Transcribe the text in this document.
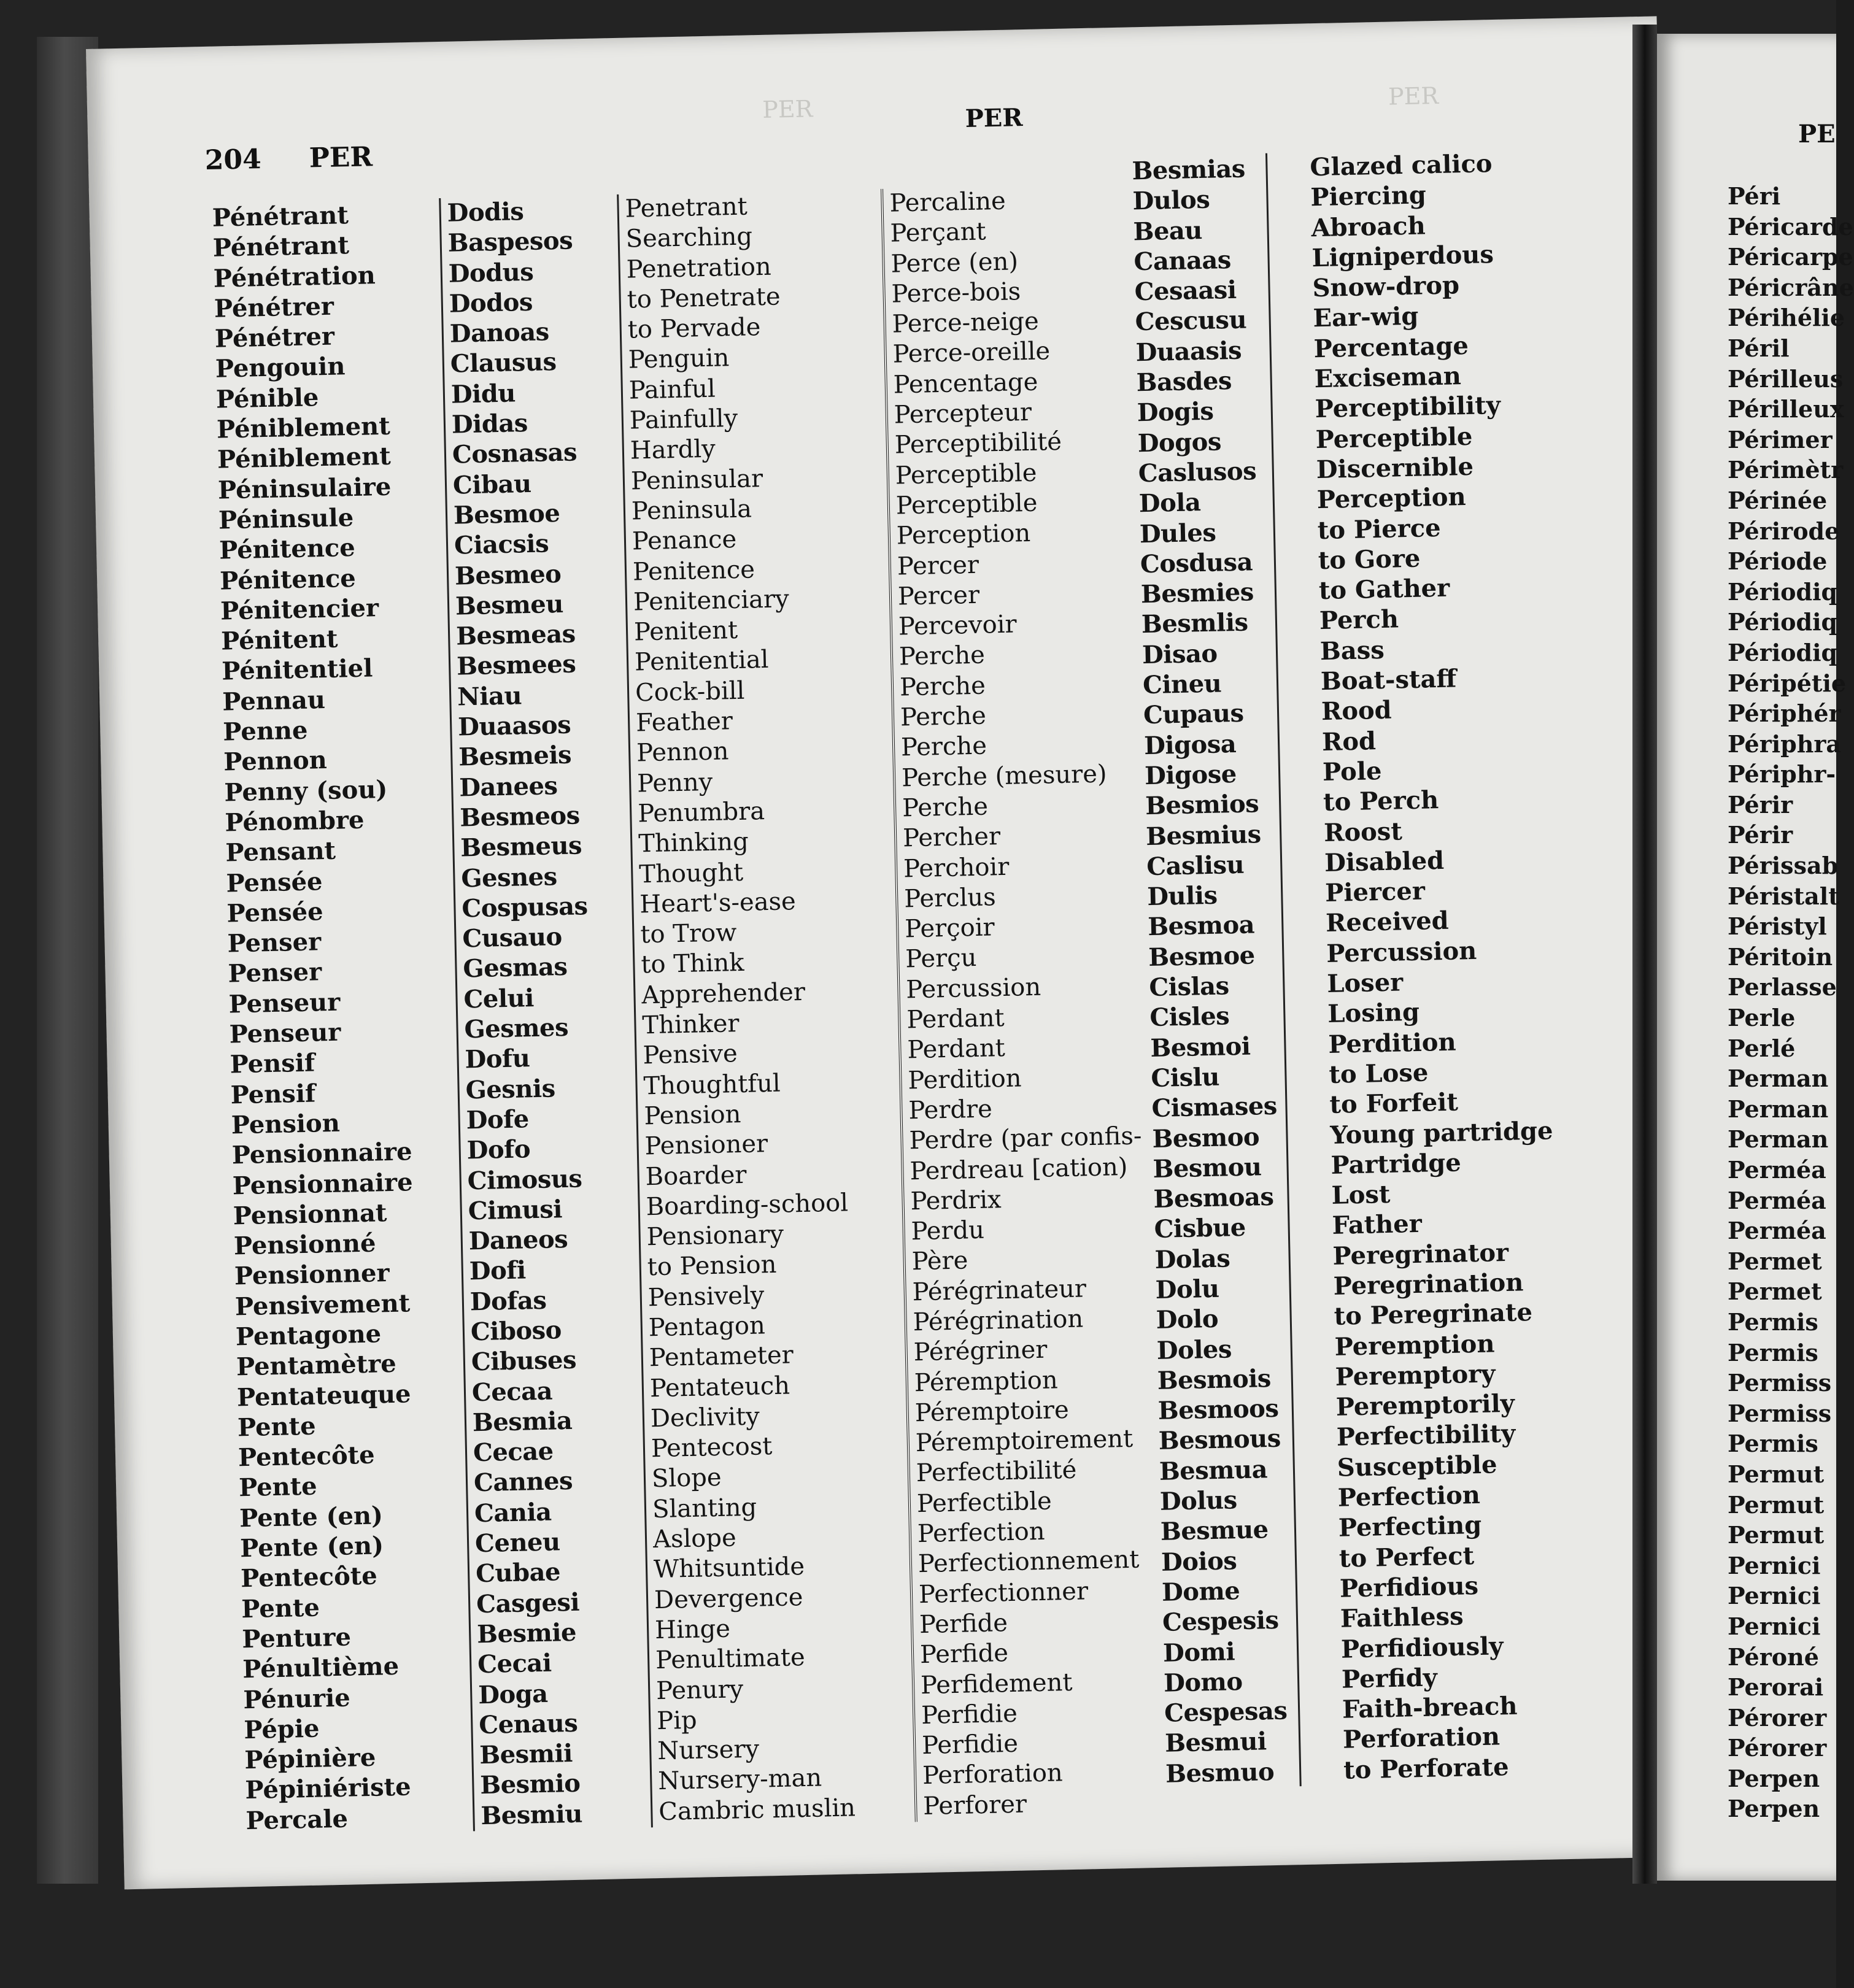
204 PER
PER
PER	PER
Pénétrant
Pénétrant
Pénétration
Pénétrer
Pénétrer
Pengouin
Pénible
Péniblement
Péniblement
Péninsulaire
Péninsule
Pénitence
Pénitence
Pénitencier
Pénitent
Pénitentiel
Pennau
Penne
Pennon
Penny (sou)
Pénombre
Pensant
Pensée
Pensée
Penser
Penser
Penseur
Penseur
Pensif
Pensif
Pension
Pensionnaire
Pensionnaire
Pensionnat
Pensionné
Pensionner
Pensivement
Pentagone
Pentamètre
Pentateuque
Pente
Pentecôte
Pente
Pente (en)
Pente (en)
Pentecôte
Pente
Penture
Pénultième
Pénurie
Pépie
Pépinière
Pépiniériste
Percale
Dodis
Baspesos
Dodus
Dodos
Danoas
Clausus
Didu
Didas
Cosnasas
Cibau
Besmoe
Ciacsis
Besmeo
Besmeu
Besmeas
Besmees
Niau
Duaasos
Besmeis
Danees
Besmeos
Besmeus
Gesnes
Cospusas
Cusauo
Gesmas
Celui
Gesmes
Dofu
Gesnis
Dofe
Dofo
Cimosus
Cimusi
Daneos
Dofi
Dofas
Ciboso
Cibuses
Cecaa
Besmia
Cecae
Cannes
Cania
Ceneu
Cubae
Casgesi
Besmie
Cecai
Doga
Cenaus
Besmii
Besmio
Besmiu
Penetrant
Searching
Penetration
to Penetrate
to Pervade
Penguin
Painful
Painfully
Hardly
Peninsular
Peninsula
Penance
Penitence
Penitenciary
Penitent
Penitential
Cock-bill
Feather
Pennon
Penny
Penumbra
Thinking
Thought
Heart's-ease
to Trow
to Think
Apprehender
Thinker
Pensive
Thoughtful
Pension
Pensioner
Boarder
Boarding-school
Pensionary
to Pension
Pensively
Pentagon
Pentameter
Pentateuch
Declivity
Pentecost
Slope
Slanting
Aslope
Whitsuntide
Devergence
Hinge
Penultimate
Penury
Pip
Nursery
Nursery-man
Cambric muslin
Percaline
Perçant
Perce (en)
Perce-bois
Perce-neige
Perce-oreille
Pencentage
Percepteur
Perceptibilité
Perceptible
Perceptible
Perception
Percer
Percer
Percevoir
Perche
Perche
Perche
Perche
Perche (mesure)
Perche
Percher
Perchoir
Perclus
Perçoir
Perçu
Percussion
Perdant
Perdant
Perdition
Perdre
Perdre (par confis-
Perdreau [cation)
Perdrix
Perdu
Père
Pérégrinateur
Pérégrination
Pérégriner
Péremption
Péremptoire
Péremptoirement
Perfectibilité
Perfectible
Perfection
Perfectionnement
Perfectionner
Perfide
Perfide
Perfidement
Perfidie
Perfidie
Perforation
Perforer
Besmias
Dulos
Beau
Canaas
Cesaasi
Cescusu
Duaasis
Basdes
Dogis
Dogos
Caslusos
Dola
Dules
Cosdusa
Besmies
Besmlis
Disao
Cineu
Cupaus
Digosa
Digose
Besmios
Besmius
Caslisu
Dulis
Besmoa
Besmoe
Cislas
Cisles
Besmoi
Cislu
Cismases
Besmoo
Besmou
Besmoas
Cisbue
Dolas
Dolu
Dolo
Doles
Besmois
Besmoos
Besmous
Besmua
Dolus
Besmue
Doios
Dome
Cespesis
Domi
Domo
Cespesas
Besmui
Besmuo
Glazed calico
Piercing
Abroach
Ligniperdous
Snow-drop
Ear-wig
Percentage
Exciseman
Perceptibility
Perceptible
Discernible
Perception
to Pierce
to Gore
to Gather
Perch
Bass
Boat-staff
Rood
Rod
Pole
to Perch
Roost
Disabled
Piercer
Received
Percussion
Loser
Losing
Perdition
to Lose
to Forfeit
Young partridge
Partridge
Lost
Father
Peregrinator
Peregrination
to Peregrinate
Peremption
Peremptory
Peremptorily
Perfectibility
Susceptible
Perfection
Perfecting
to Perfect
Perfidious
Faithless
Perfidiously
Perfidy
Faith-breach
Perforation
to Perforate
PE
Péri
Péricarde
Péricarpe
Péricrâne
Périhélie
Péril
Périlleus
Périlleux
Périmer
Périmètr
Périnée
Périrode
Période
Périodiq
Périodiq
Périodiq
Péripétie
Périphér
Périphra
Périphr-
Périr
Périr
Périssab
Péristalt
Péristyl
Péritoin
Perlasse
Perle
Perlé
Perman
Perman
Perman
Perméa
Perméa
Perméa
Permet
Permet
Permis
Permis
Permiss
Permiss
Permis
Permut
Permut
Permut
Pernici
Pernici
Pernici
Péroné
Perorai
Pérorer
Pérorer
Perpen
Perpen
